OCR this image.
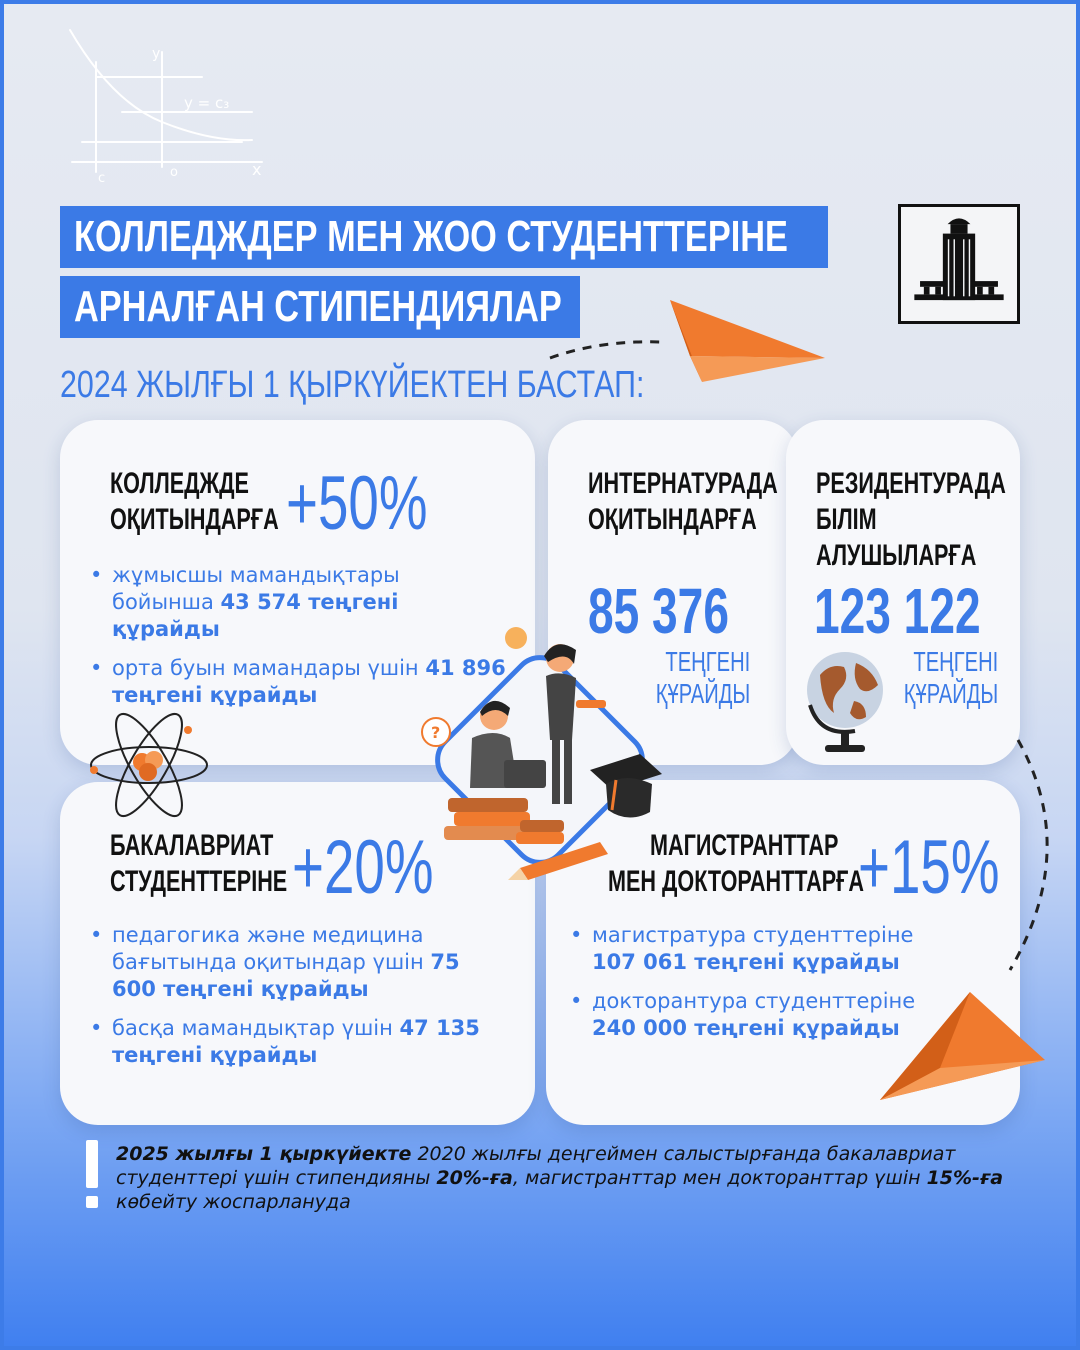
y
y = c₃
x
c	o
КОЛЛЕДЖДЕР МЕН ЖОО СТУДЕНТТЕРІНЕ
АРНАЛҒАН СТИПЕНДИЯЛАР
2024 ЖЫЛҒЫ 1 ҚЫРКҮЙЕКТЕН БАСТАП:
КОЛЛЕДЖДЕ
ОҚИТЫНДАРҒА +50%
• жұмысшы мамандықтары бойынша 43 574 теңгені құрайды
• орта буын мамандары үшін 41 896 теңгені құрайды
ИНТЕРНАТУРАДА
ОҚИТЫНДАРҒА
85 376
ТЕҢГЕНІ
ҚҰРАЙДЫ
РЕЗИДЕНТУРАДА
БІЛІМ
АЛУШЫЛАРҒА
123 122
ТЕҢГЕНІ
ҚҰРАЙДЫ
БАКАЛАВРИАТ
СТУДЕНТТЕРІНЕ +20%
• педагогика және медицина бағытында оқитындар үшін 75 600 теңгені құрайды
• басқа мамандықтар үшін 47 135 теңгені құрайды
МАГИСТРАНТТАР
МЕН ДОКТОРАНТТАРҒА
+15%
• магистратура студенттеріне 107 061 теңгені құрайды
• докторантура студенттеріне 240 000 теңгені құрайды
?
2025 жылғы 1 қыркүйекте 2020 жылғы деңгеймен салыстырғанда бакалавриат студенттері үшін стипендияны 20%-ға, магистранттар мен докторанттар үшін 15%-ға көбейту жоспарлануда
